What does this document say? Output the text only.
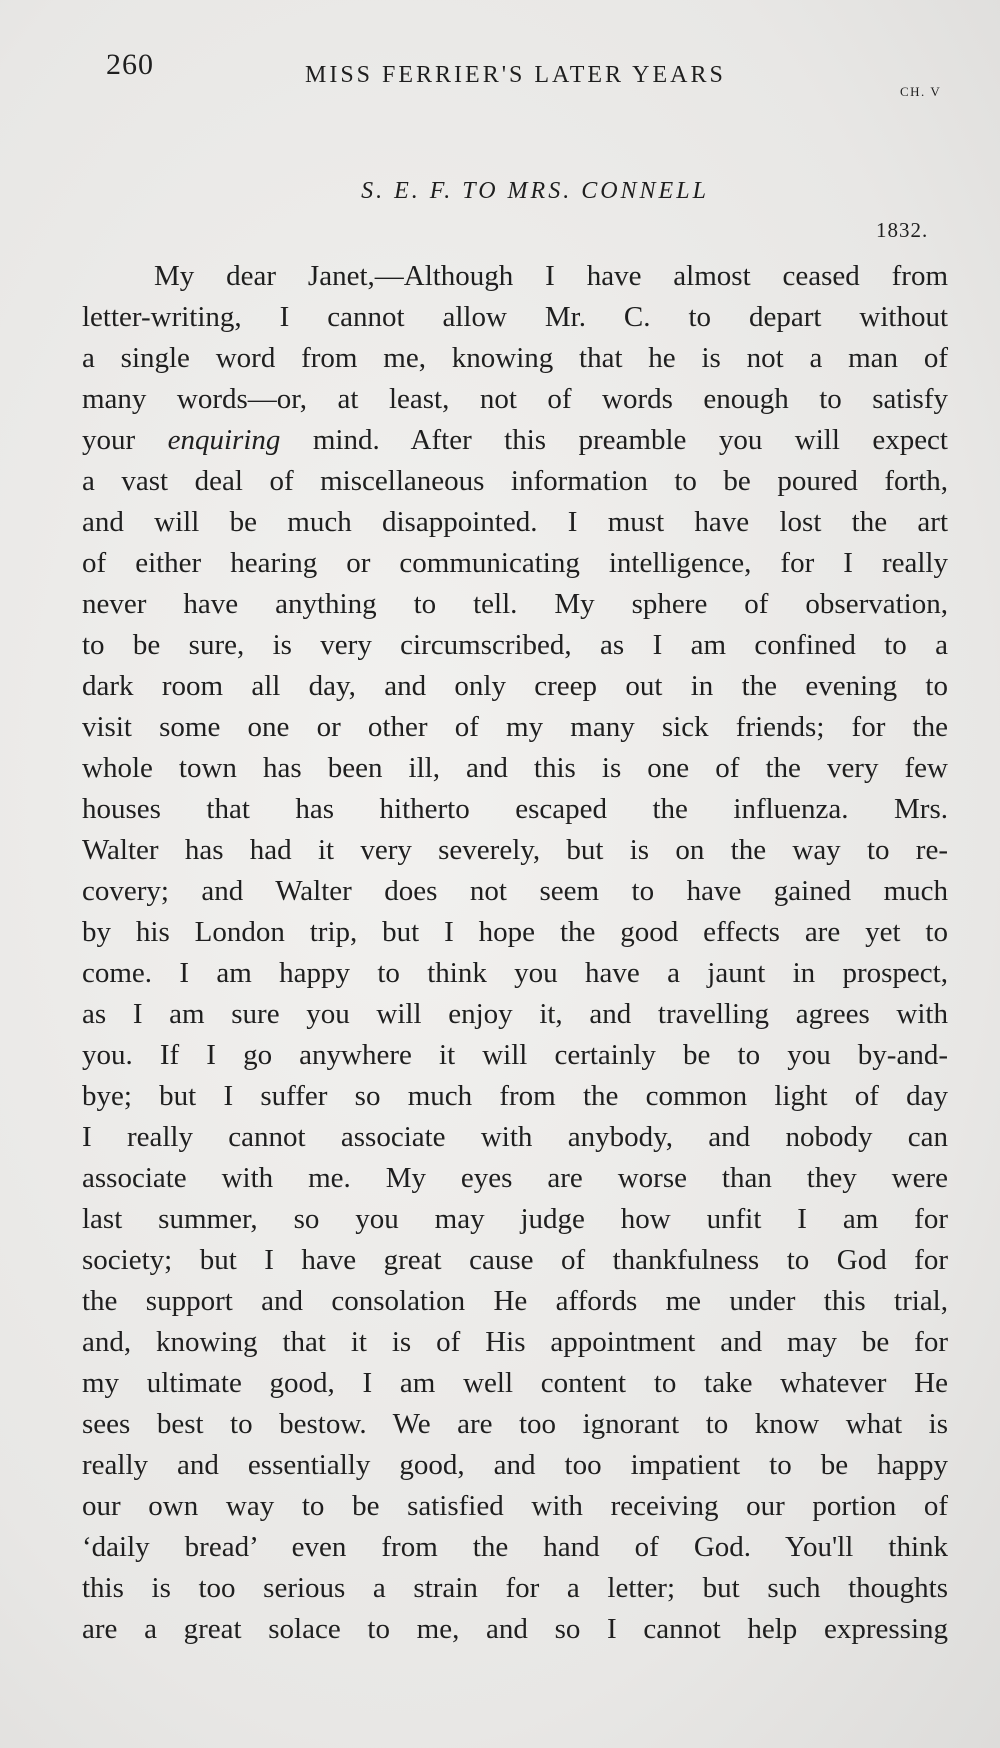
260	MISS FERRIER'S LATER YEARS
CH. V
S. E. F. TO MRS. CONNELL
1832.
My dear Janet,—Although I have almost ceased from
letter-writing, I cannot allow Mr. C. to depart without
a single word from me, knowing that he is not a man of
many words—or, at least, not of words enough to satisfy
your enquiring mind. After this preamble you will expect
a vast deal of miscellaneous information to be poured forth,
and will be much disappointed. I must have lost the art
of either hearing or communicating intelligence, for I really
never have anything to tell. My sphere of observation,
to be sure, is very circumscribed, as I am confined to a
dark room all day, and only creep out in the evening to
visit some one or other of my many sick friends; for the
whole town has been ill, and this is one of the very few
houses that has hitherto escaped the influenza. Mrs.
Walter has had it very severely, but is on the way to re-
covery; and Walter does not seem to have gained much
by his London trip, but I hope the good effects are yet to
come. I am happy to think you have a jaunt in prospect,
as I am sure you will enjoy it, and travelling agrees with
you. If I go anywhere it will certainly be to you by-and-
bye; but I suffer so much from the common light of day
I really cannot associate with anybody, and nobody can
associate with me. My eyes are worse than they were
last summer, so you may judge how unfit I am for
society; but I have great cause of thankfulness to God for
the support and consolation He affords me under this trial,
and, knowing that it is of His appointment and may be for
my ultimate good, I am well content to take whatever He
sees best to bestow. We are too ignorant to know what is
really and essentially good, and too impatient to be happy
our own way to be satisfied with receiving our portion of
‘daily bread’ even from the hand of God. You'll think
this is too serious a strain for a letter; but such thoughts
are a great solace to me, and so I cannot help expressing
